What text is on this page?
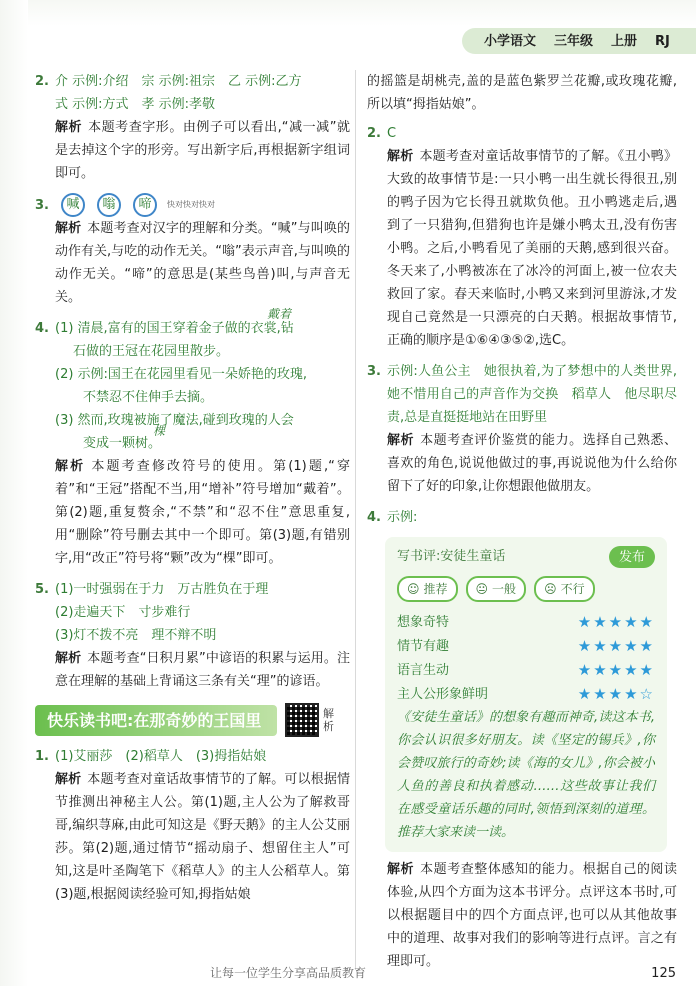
小学语文 三年级 上册 RJ
2. 介 示例:介绍　宗 示例:祖宗　乙 示例:乙方
式 示例:方式　孝 示例:孝敬
解析 本题考查字形。由例子可以看出,“减一减”就是去掉这个字的形旁。写出新字后,再根据新字组词即可。
3.	喊	嗡	啼	快对快对快对
解析 本题考查对汉字的理解和分类。“喊”与叫唤的动作有关,与吃的动作无关。“嗡”表示声音,与叫唤的动作无关。“啼”的意思是(某些鸟兽)叫,与声音无关。
4. (1) 清晨,富有的国王穿着金子做的衣裳,钻
戴着
石做的王冠在花园里散步。
(2) 示例:国王在花园里看见一朵娇艳的玫瑰,
不禁忍不住伸手去摘。
(3) 然而,玫瑰被施了魔法,碰到玫瑰的人会
棵
变成一颗树。
解析 本题考查修改符号的使用。第(1)题,“穿着”和“王冠”搭配不当,用“增补”符号增加“戴着”。第(2)题,重复赘余,“不禁”和“忍不住”意思重复,用“删除”符号删去其中一个即可。第(3)题,有错别字,用“改正”符号将“颗”改为“棵”即可。
5. (1)一时强弱在于力　万古胜负在于理
(2)走遍天下　寸步难行
(3)灯不拨不亮　理不辩不明
解析 本题考查“日积月累”中谚语的积累与运用。注意在理解的基础上背诵这三条有关“理”的谚语。
快乐读书吧:在那奇妙的王国里	解析
1. (1)艾丽莎　(2)稻草人　(3)拇指姑娘
解析 本题考查对童话故事情节的了解。可以根据情节推测出神秘主人公。第(1)题,主人公为了解救哥哥,编织荨麻,由此可知这是《野天鹅》的主人公艾丽莎。第(2)题,通过情节“摇动扇子、想留住主人”可知,这是叶圣陶笔下《稻草人》的主人公稻草人。第(3)题,根据阅读经验可知,拇指姑娘
的摇篮是胡桃壳,盖的是蓝色紫罗兰花瓣,或玫瑰花瓣,所以填“拇指姑娘”。
2. C
解析 本题考查对童话故事情节的了解。《丑小鸭》大致的故事情节是:一只小鸭一出生就长得很丑,别的鸭子因为它长得丑就欺负他。丑小鸭逃走后,遇到了一只猎狗,但猎狗也许是嫌小鸭太丑,没有伤害小鸭。之后,小鸭看见了美丽的天鹅,感到很兴奋。冬天来了,小鸭被冻在了冰冷的河面上,被一位农夫救回了家。春天来临时,小鸭又来到河里游泳,才发现自己竟然是一只漂亮的白天鹅。根据故事情节,正确的顺序是①⑥④③⑤②,选C。
3. 示例:人鱼公主　她很执着,为了梦想中的人类世界,她不惜用自己的声音作为交换　稻草人　他尽职尽责,总是直挺挺地站在田野里
解析 本题考查评价鉴赏的能力。选择自己熟悉、喜欢的角色,说说他做过的事,再说说他为什么给你留下了好的印象,让你想跟他做朋友。
4. 示例:
写书评:安徒生童话	发布
☺ 推荐 😐 一般 ☹ 不行
想象奇特	★★★★★
情节有趣	★★★★★
语言生动	★★★★★
主人公形象鲜明	★★★★☆
《安徒生童话》的想象有趣而神奇,读这本书,你会认识很多好朋友。读《坚定的锡兵》,你会赞叹旅行的奇妙;读《海的女儿》,你会被小人鱼的善良和执着感动……这些故事让我们在感受童话乐趣的同时,领悟到深刻的道理。推荐大家来读一读。
解析 本题考查整体感知的能力。根据自己的阅读体验,从四个方面为这本书评分。点评这本书时,可以根据题目中的四个方面点评,也可以从其他故事中的道理、故事对我们的影响等进行点评。言之有理即可。
让每一位学生分享高品质教育	125
